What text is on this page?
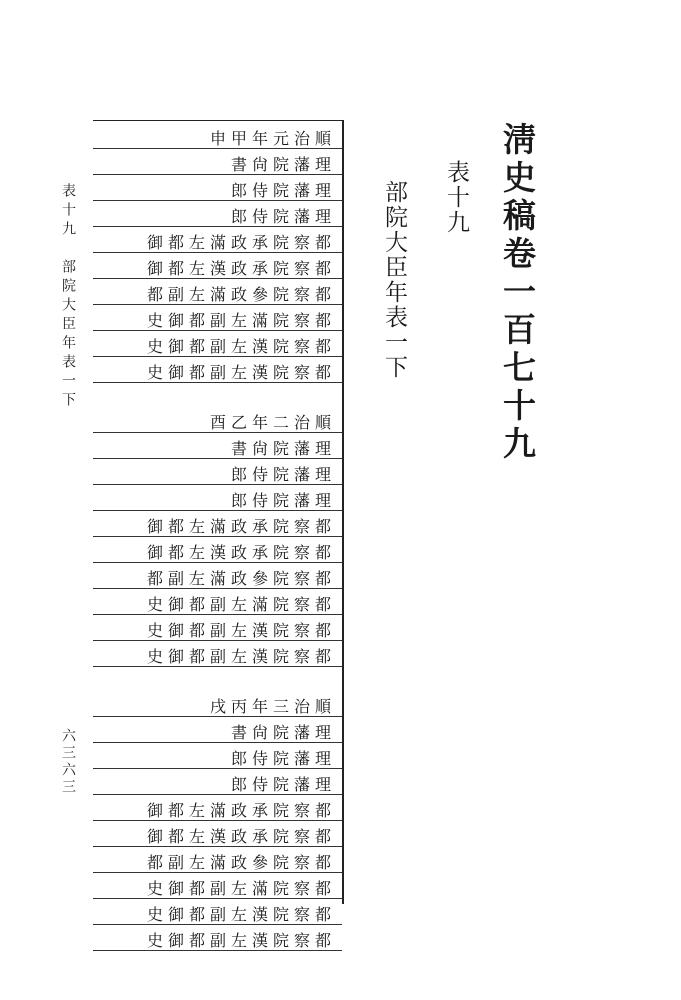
淸史稿卷一百七十九
表十九
部院大臣年表一下
表十九　部院大臣年表一下
六三六三
申甲年元治順
書尙院藩理
郎侍院藩理
郎侍院藩理
御都左滿政承院察都
御都左漢政承院察都
都副左滿政參院察都
史御都副左滿院察都
史御都副左漢院察都
史御都副左漢院察都
酉乙年二治順
書尙院藩理
郎侍院藩理
郎侍院藩理
御都左滿政承院察都
御都左漢政承院察都
都副左滿政參院察都
史御都副左滿院察都
史御都副左漢院察都
史御都副左漢院察都
戌丙年三治順
書尙院藩理
郎侍院藩理
郎侍院藩理
御都左滿政承院察都
御都左漢政承院察都
都副左滿政參院察都
史御都副左滿院察都
史御都副左漢院察都
史御都副左漢院察都
